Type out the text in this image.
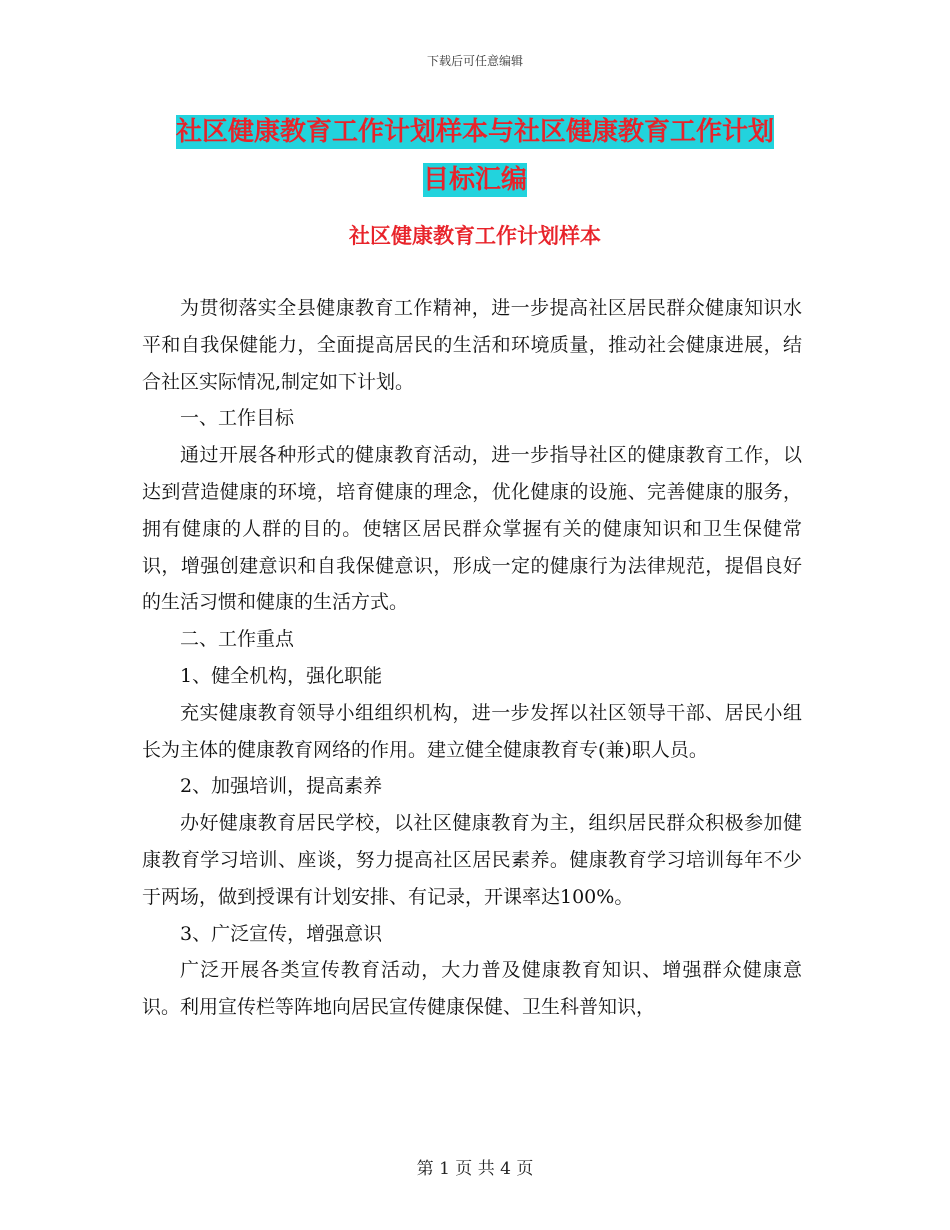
下载后可任意编辑
社区健康教育工作计划样本与社区健康教育工作计划
目标汇编
社区健康教育工作计划样本

为贯彻落实全县健康教育工作精神，进一步提高社区居民群众健康知识水平和自我保健能力，全面提高居民的生活和环境质量，推动社会健康进展，结合社区实际情况,制定如下计划。

一、工作目标

通过开展各种形式的健康教育活动，进一步指导社区的健康教育工作，以达到营造健康的环境，培育健康的理念，优化健康的设施、完善健康的服务，拥有健康的人群的目的。使辖区居民群众掌握有关的健康知识和卫生保健常识，增强创建意识和自我保健意识，形成一定的健康行为法律规范，提倡良好的生活习惯和健康的生活方式。

二、工作重点

1、健全机构，强化职能

充实健康教育领导小组组织机构，进一步发挥以社区领导干部、居民小组长为主体的健康教育网络的作用。建立健全健康教育专(兼)职人员。

2、加强培训，提高素养

办好健康教育居民学校，以社区健康教育为主，组织居民群众积极参加健康教育学习培训、座谈，努力提高社区居民素养。健康教育学习培训每年不少于两场，做到授课有计划安排、有记录，开课率达100%。

3、广泛宣传，增强意识

广泛开展各类宣传教育活动，大力普及健康教育知识、增强群众健康意识。利用宣传栏等阵地向居民宣传健康保健、卫生科普知识，

第 1 页 共 4 页
